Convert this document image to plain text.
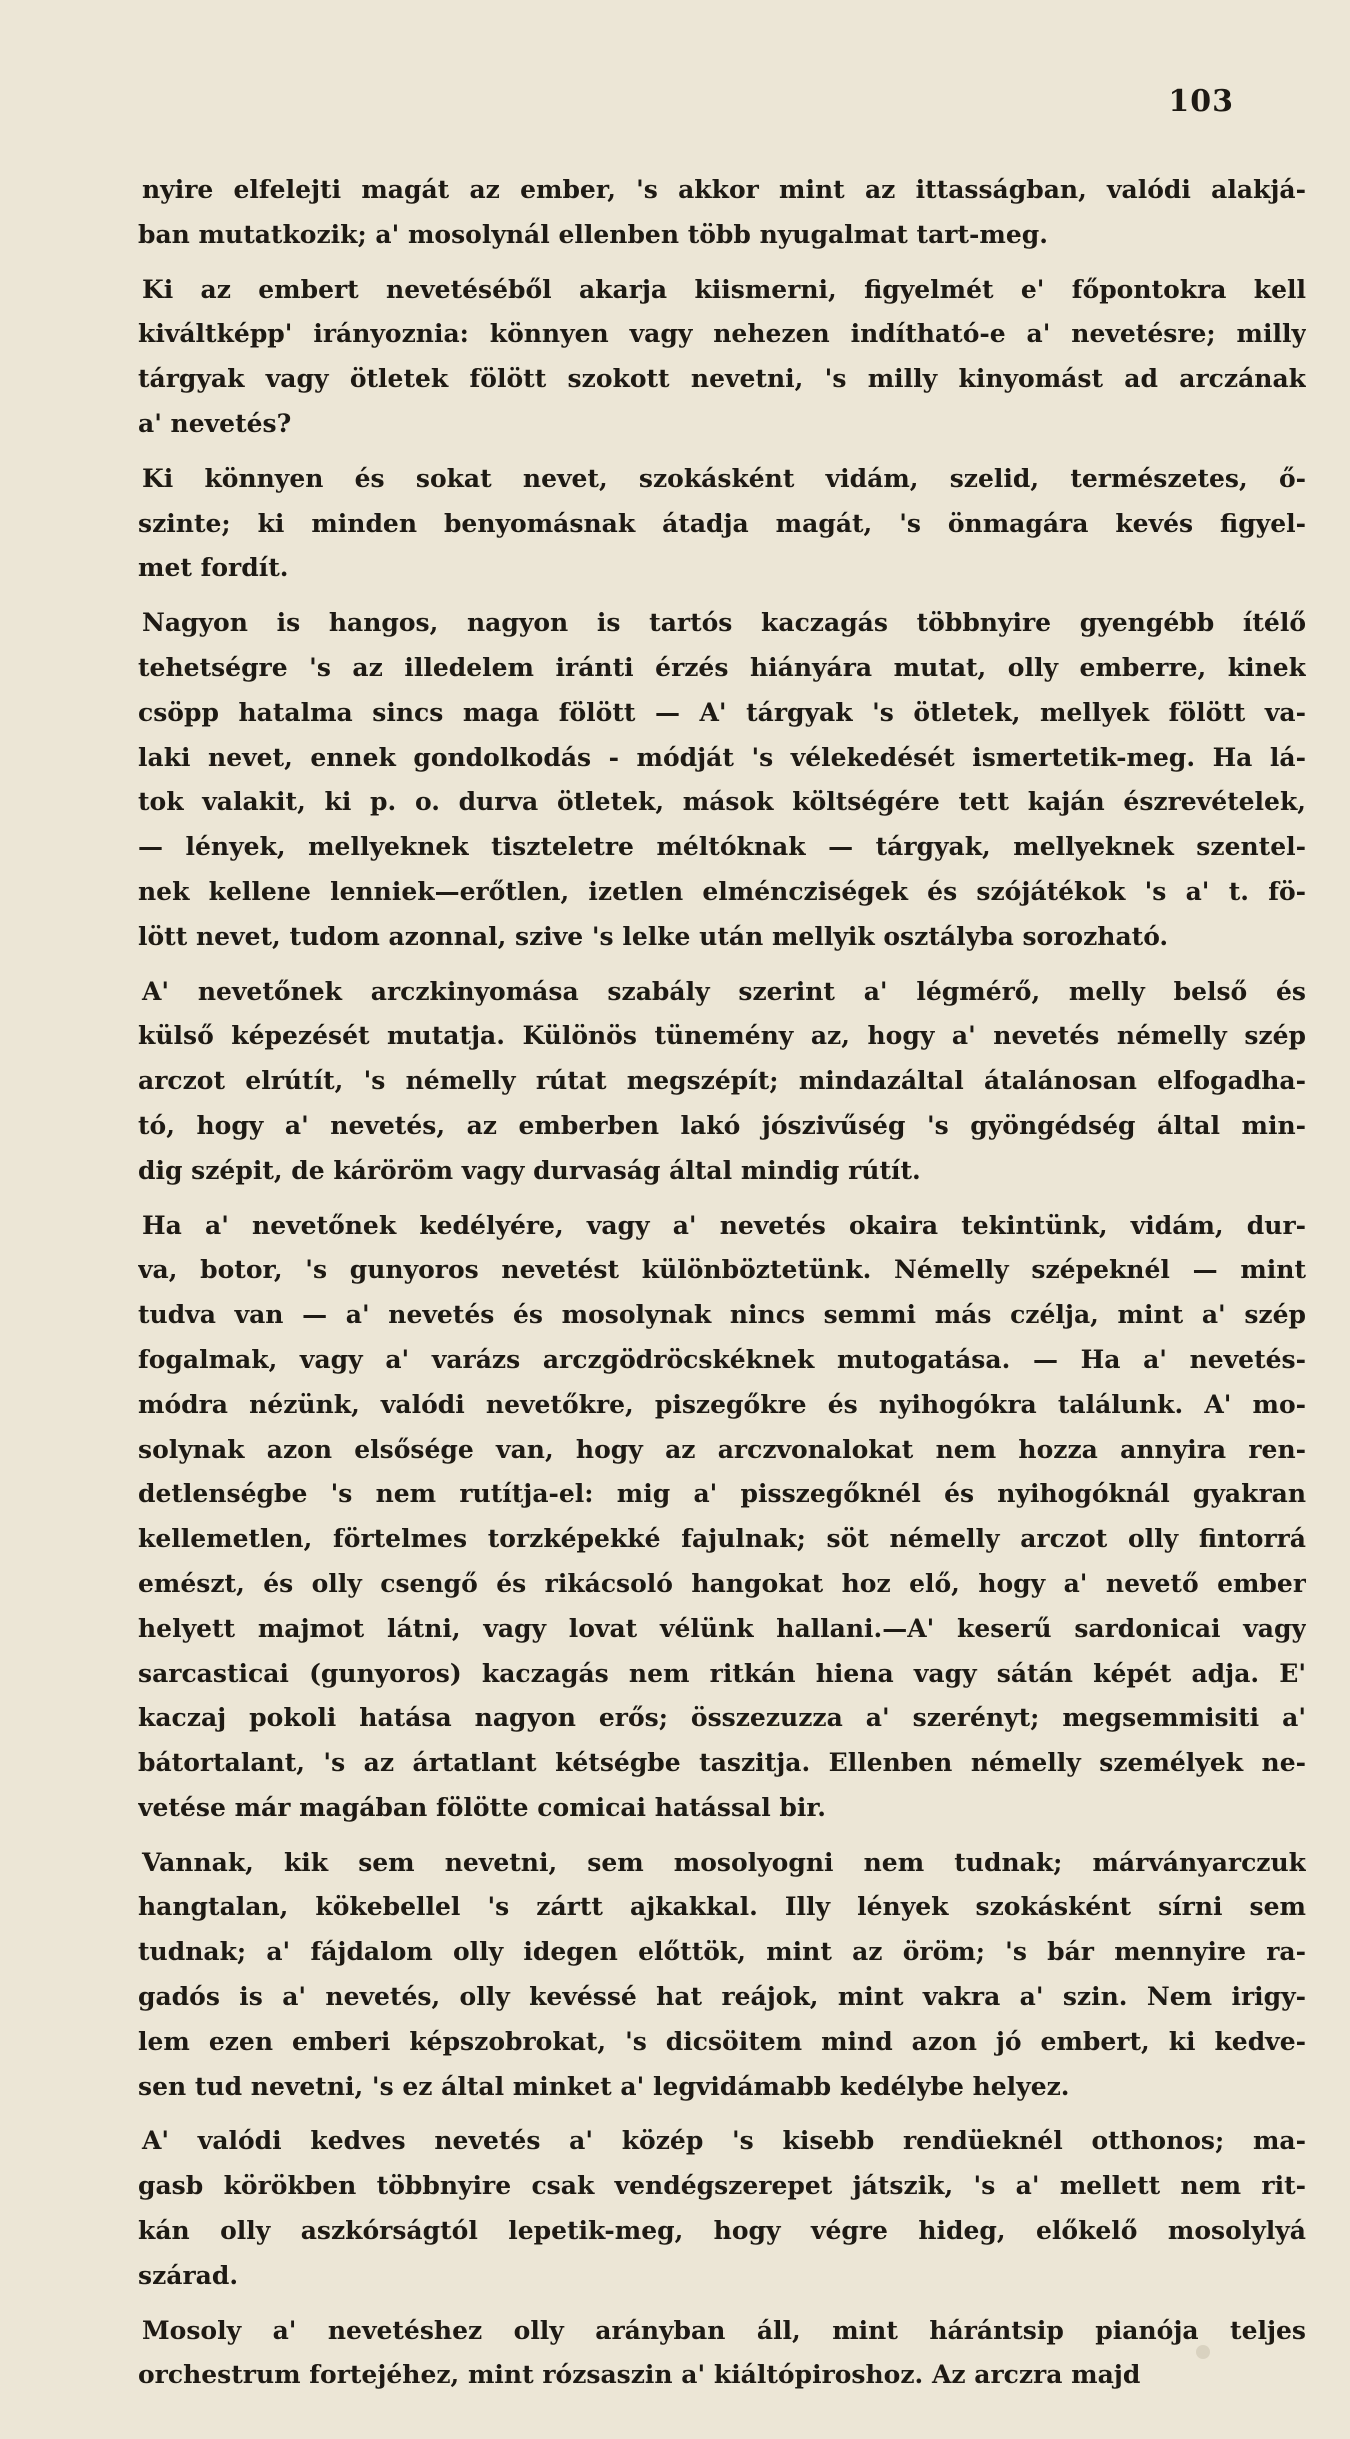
103
nyire elfelejti magát az ember, 's akkor mint az ittasságban, valódi alakjá-
ban mutatkozik; a' mosolynál ellenben több nyugalmat tart-meg.
Ki az embert nevetéséből akarja kiismerni, figyelmét e' főpontokra kell
kiváltképp' irányoznia: könnyen vagy nehezen indítható-e a' nevetésre; milly
tárgyak vagy ötletek fölött szokott nevetni, 's milly kinyomást ad arczának
a' nevetés?
Ki könnyen és sokat nevet, szokásként vidám, szelid, természetes, ő-
szinte; ki minden benyomásnak átadja magát, 's önmagára kevés figyel-
met fordít.
Nagyon is hangos, nagyon is tartós kaczagás többnyire gyengébb ítélő
tehetségre 's az illedelem iránti érzés hiányára mutat, olly emberre, kinek
csöpp hatalma sincs maga fölött — A' tárgyak 's ötletek, mellyek fölött va-
laki nevet, ennek gondolkodás - módját 's vélekedését ismertetik-meg. Ha lá-
tok valakit, ki p. o. durva ötletek, mások költségére tett kaján észrevételek,
— lények, mellyeknek tiszteletre méltóknak — tárgyak, mellyeknek szentel-
nek kellene lenniek—erőtlen, izetlen elméncziségek és szójátékok 's a' t. fö-
lött nevet, tudom azonnal, szive 's lelke után mellyik osztályba sorozható.
A' nevetőnek arczkinyomása szabály szerint a' légmérő, melly belső és
külső képezését mutatja. Különös tünemény az, hogy a' nevetés némelly szép
arczot elrútít, 's némelly rútat megszépít; mindazáltal átalánosan elfogadha-
tó, hogy a' nevetés, az emberben lakó jószivűség 's gyöngédség által min-
dig szépit, de káröröm vagy durvaság által mindig rútít.
Ha a' nevetőnek kedélyére, vagy a' nevetés okaira tekintünk, vidám, dur-
va, botor, 's gunyoros nevetést különböztetünk. Némelly szépeknél — mint
tudva van — a' nevetés és mosolynak nincs semmi más czélja, mint a' szép
fogalmak, vagy a' varázs arczgödröcskéknek mutogatása. — Ha a' nevetés-
módra nézünk, valódi nevetőkre, piszegőkre és nyihogókra találunk. A' mo-
solynak azon elsősége van, hogy az arczvonalokat nem hozza annyira ren-
detlenségbe 's nem rutítja-el: mig a' pisszegőknél és nyihogóknál gyakran
kellemetlen, förtelmes torzképekké fajulnak; söt némelly arczot olly fintorrá
emészt, és olly csengő és rikácsoló hangokat hoz elő, hogy a' nevető ember
helyett majmot látni, vagy lovat vélünk hallani.—A' keserű sardonicai vagy
sarcasticai (gunyoros) kaczagás nem ritkán hiena vagy sátán képét adja. E'
kaczaj pokoli hatása nagyon erős; összezuzza a' szerényt; megsemmisiti a'
bátortalant, 's az ártatlant kétségbe taszitja. Ellenben némelly személyek ne-
vetése már magában fölötte comicai hatással bir.
Vannak, kik sem nevetni, sem mosolyogni nem tudnak; márványarczuk
hangtalan, kökebellel 's zártt ajkakkal. Illy lények szokásként sírni sem
tudnak; a' fájdalom olly idegen előttök, mint az öröm; 's bár mennyire ra-
gadós is a' nevetés, olly kevéssé hat reájok, mint vakra a' szin. Nem irigy-
lem ezen emberi képszobrokat, 's dicsöitem mind azon jó embert, ki kedve-
sen tud nevetni, 's ez által minket a' legvidámabb kedélybe helyez.
A' valódi kedves nevetés a' közép 's kisebb rendüeknél otthonos; ma-
gasb körökben többnyire csak vendégszerepet játszik, 's a' mellett nem rit-
kán olly aszkórságtól lepetik-meg, hogy végre hideg, előkelő mosolylyá
szárad.
Mosoly a' nevetéshez olly arányban áll, mint hárántsip pianója teljes
orchestrum fortejéhez, mint rózsaszin a' kiáltópiroshoz. Az arczra majd
